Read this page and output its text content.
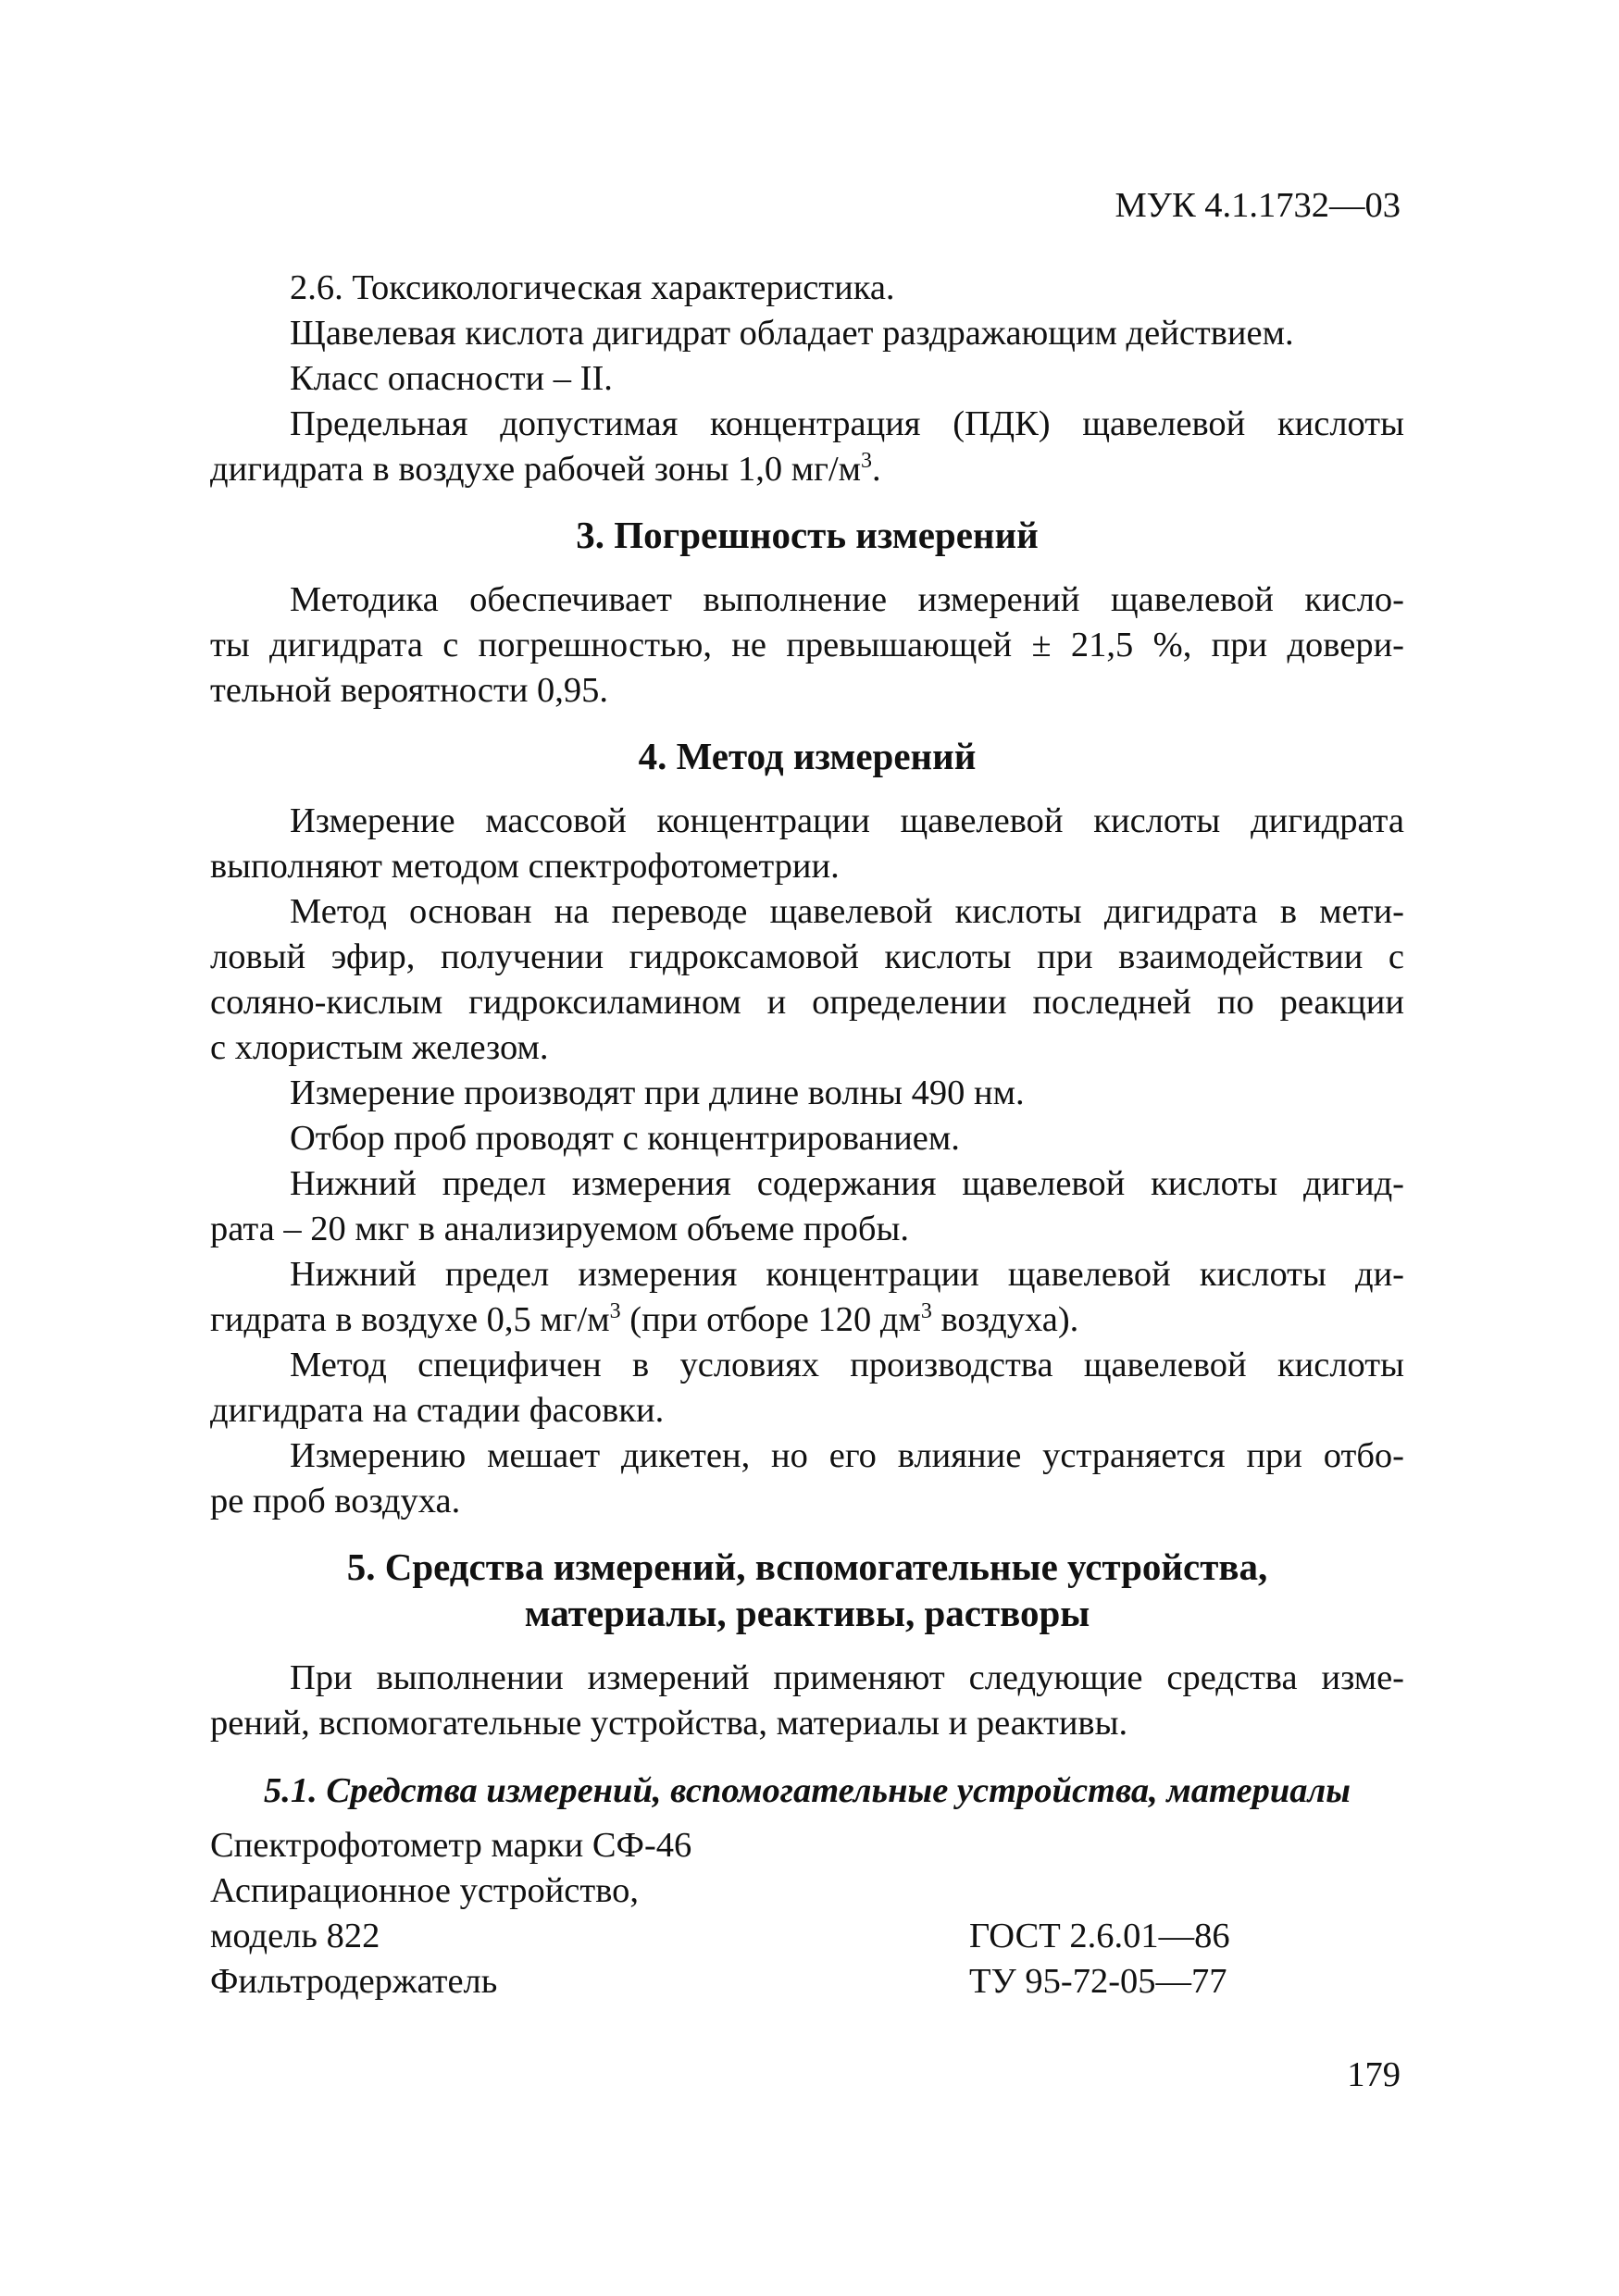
МУК 4.1.1732—03

2.6. Токсикологическая характеристика.

Щавелевая кислота дигидрат обладает раздражающим действием.

Класс опасности – II.

Предельная допустимая концентрация (ПДК) щавелевой кислоты

дигидрата в воздухе рабочей зоны 1,0 $мг/м^3$.

3. Погрешность измерений

Методика обеспечивает выполнение измерений щавелевой кисло-

ты дигидрата с погрешностью, не превышающей ± 21,5 %, при довери-

тельной вероятности 0,95.

4. Метод измерений

Измерение массовой концентрации щавелевой кислоты дигидрата

выполняют методом спектрофотометрии.

Метод основан на переводе щавелевой кислоты дигидрата в мети-

ловый эфир, получении гидроксамовой кислоты при взаимодействии с

соляно-кислым гидроксиламином и определении последней по реакции

с хлористым железом.

Измерение производят при длине волны 490 нм.

Отбор проб проводят с концентрированием.

Нижний предел измерения содержания щавелевой кислоты дигид-

рата – 20 мкг в анализируемом объеме пробы.

Нижний предел измерения концентрации щавелевой кислоты ди-

гидрата в воздухе 0,5 $мг/м^3$ (при отборе 120 $дм^3$ воздуха).

Метод специфичен в условиях производства щавелевой кислоты

дигидрата на стадии фасовки.

Измерению мешает дикетен, но его влияние устраняется при отбо-

ре проб воздуха.

5. Средства измерений, вспомогательные устройства,
материалы, реактивы, растворы

При выполнении измерений применяют следующие средства изме-

рений, вспомогательные устройства, материалы и реактивы.

5.1. Средства измерений, вспомогательные устройства, материалы

Спектрофотометр марки СФ-46
Аспирационное устройство,
модель 822	ГОСТ 2.6.01—86
Фильтродержатель	ТУ 95-72-05—77
179
